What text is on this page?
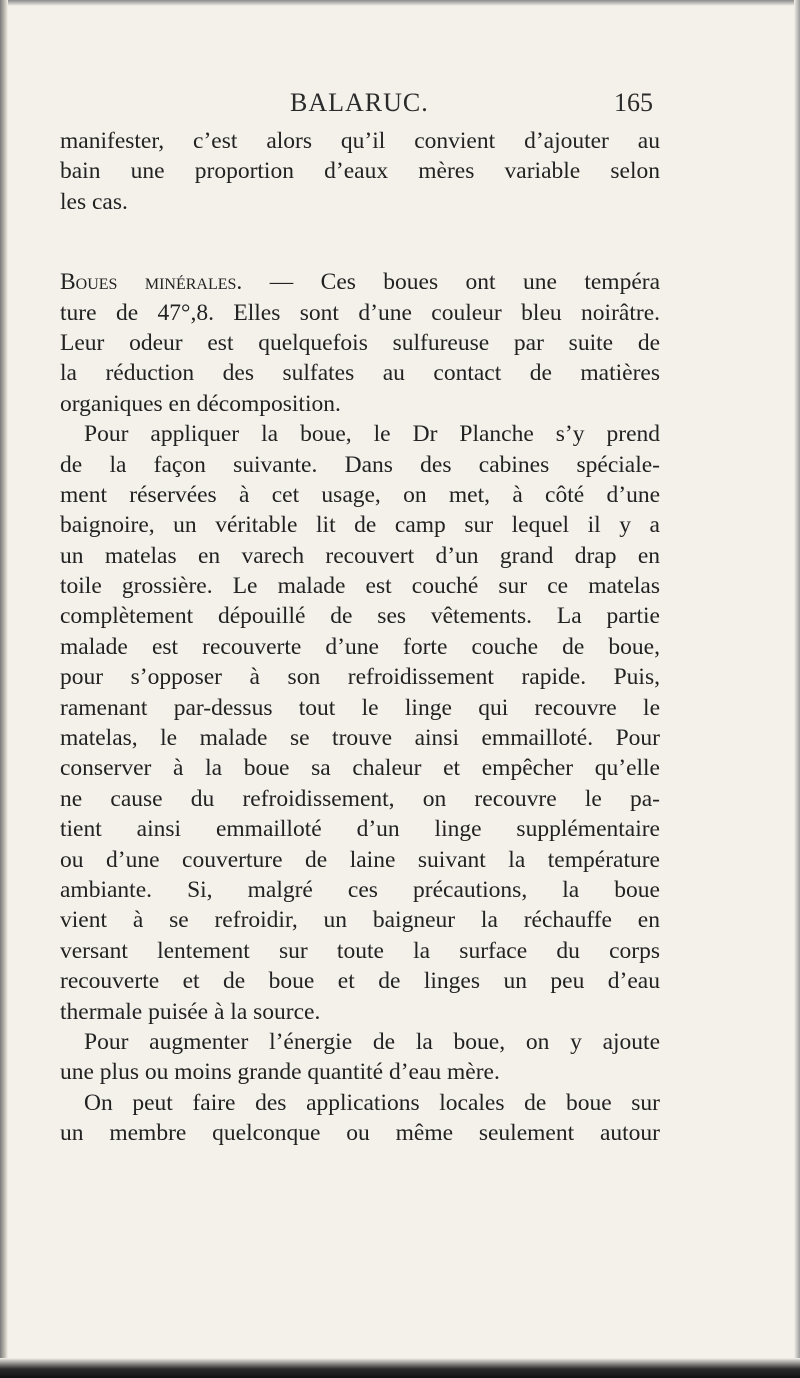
BALARUC.	165
manifester, c’est alors qu’il convient d’ajouter au
bain une proportion d’eaux mères variable selon
les cas.
Boues minérales. — Ces boues ont une tempéra
ture de 47°,8. Elles sont d’une couleur bleu noirâtre.
Leur odeur est quelquefois sulfureuse par suite de
la réduction des sulfates au contact de matières
organiques en décomposition.
Pour appliquer la boue, le Dr Planche s’y prend
de la façon suivante. Dans des cabines spéciale-
ment réservées à cet usage, on met, à côté d’une
baignoire, un véritable lit de camp sur lequel il y a
un matelas en varech recouvert d’un grand drap en
toile grossière. Le malade est couché sur ce matelas
complètement dépouillé de ses vêtements. La partie
malade est recouverte d’une forte couche de boue,
pour s’opposer à son refroidissement rapide. Puis,
ramenant par-dessus tout le linge qui recouvre le
matelas, le malade se trouve ainsi emmailloté. Pour
conserver à la boue sa chaleur et empêcher qu’elle
ne cause du refroidissement, on recouvre le pa-
tient ainsi emmailloté d’un linge supplémentaire
ou d’une couverture de laine suivant la température
ambiante. Si, malgré ces précautions, la boue
vient à se refroidir, un baigneur la réchauffe en
versant lentement sur toute la surface du corps
recouverte et de boue et de linges un peu d’eau
thermale puisée à la source.
Pour augmenter l’énergie de la boue, on y ajoute
une plus ou moins grande quantité d’eau mère.
On peut faire des applications locales de boue sur
un membre quelconque ou même seulement autour
